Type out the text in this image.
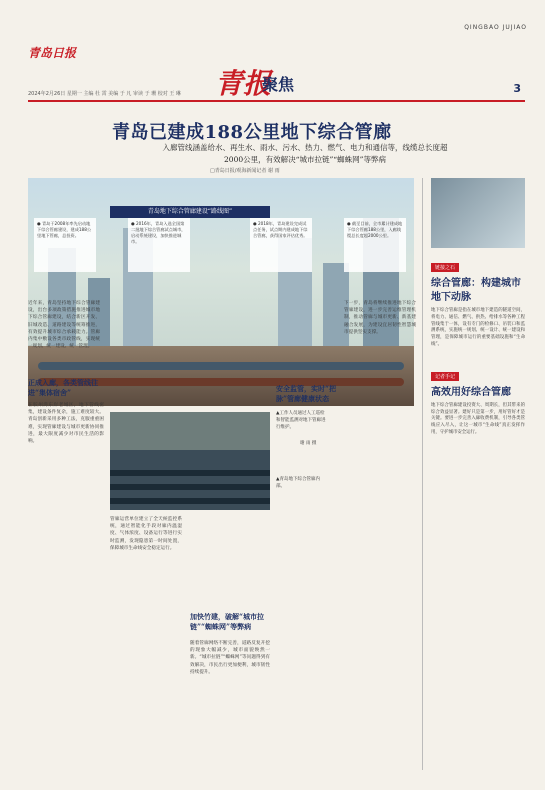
青岛日报
QINGBAO JUJIAO
青报
聚焦	3
2024年2月26日 星期一 主编 杜 霄 美编 于 凡 审读 于 珊 校对 王 琳
青岛已建成188公里地下综合管廊
入廊管线涵盖给水、再生水、雨水、污水、热力、燃气、电力和通信等，线缆总长度超2000公里，有效解决“城市拉链”“蜘蛛网”等弊病
□青岛日报/观海新闻记者 谢 雨
青岛地下综合管廊建设“路线图”
● 青岛于2008年率先启动地下综合管廊建设，建成188公里地下管廊，总投资。
● 2016年，青岛入选全国第二批地下综合管廊试点城市，启动系统建设，加快推进城市。
● 2018年，青岛建设完成试点任务，试点期内建成地下综合管廊，获得国家评估优秀。
● 截至目前，全市累计建成地下综合管廊188公里，入廊线缆总长度超2000公里。
近年来，青岛坚持地下综合管廊建设，出台多项政策措施推进城市地下综合管廊建设，结合新区开发、旧城改造、道路建设等统筹推进，有效提升城市综合承载能力。管廊内集中敷设各类市政管线，实现统一规划、统一建设、统一管理。
正成入廊，各类管线往进“集体宿舍”
在胶州湾东岸老城区，地下管线密集，建设条件复杂，施工难度较大。青岛创新采用多种工法，克服重重困难，实现管廊建设与城市更新协同推进，最大限度减少对市民生活的影响。
▲工作人员通过人工巡检和智能监测对地下管廊进行维护。
谢 雨 摄
▲青岛地下综合管廊内部。
管廊运营单位建立了全天候监控系统，通过智能化手段对廊内温湿度、气体浓度、设备运行等进行实时监测，发现隐患第一时间处置，保障城市生命线安全稳定运行。
加快竹建，破解“城市拉链”“蜘蛛网”等弊病
随着管廊网络不断完善，道路反复开挖的现象大幅减少，城市面貌焕然一新。“城市拉链”“蜘蛛网”等问题得到有效解决，市民出行更加便利，城市韧性持续提升。
安全监管，实时“把脉”管廊健康状态
下一步，青岛将继续推进地下综合管廊建设，进一步完善运维管理机制，推动管廊与城市更新、新基建融合发展，为建设宜居韧性智慧城市提供坚实支撑。
链接之石
综合管廊：构建城市地下动脉
地下综合管廊是指在城市地下建造的隧道空间，将电力、通信、燃气、供热、给排水等各种工程管线集于一体，设有专门的检修口、吊装口和监测系统，实施统一规划、统一设计、统一建设和管理，是保障城市运行的重要基础设施和“生命线”。
记者手记
高效用好综合管廊
地下综合管廊建设投资大、周期长，但其带来的综合效益显著。建好只是第一步，用好管好才是关键。要进一步完善入廊收费机制，引导各类管线应入尽入，让这一城市“生命线”真正发挥作用，守护城市安全运行。
